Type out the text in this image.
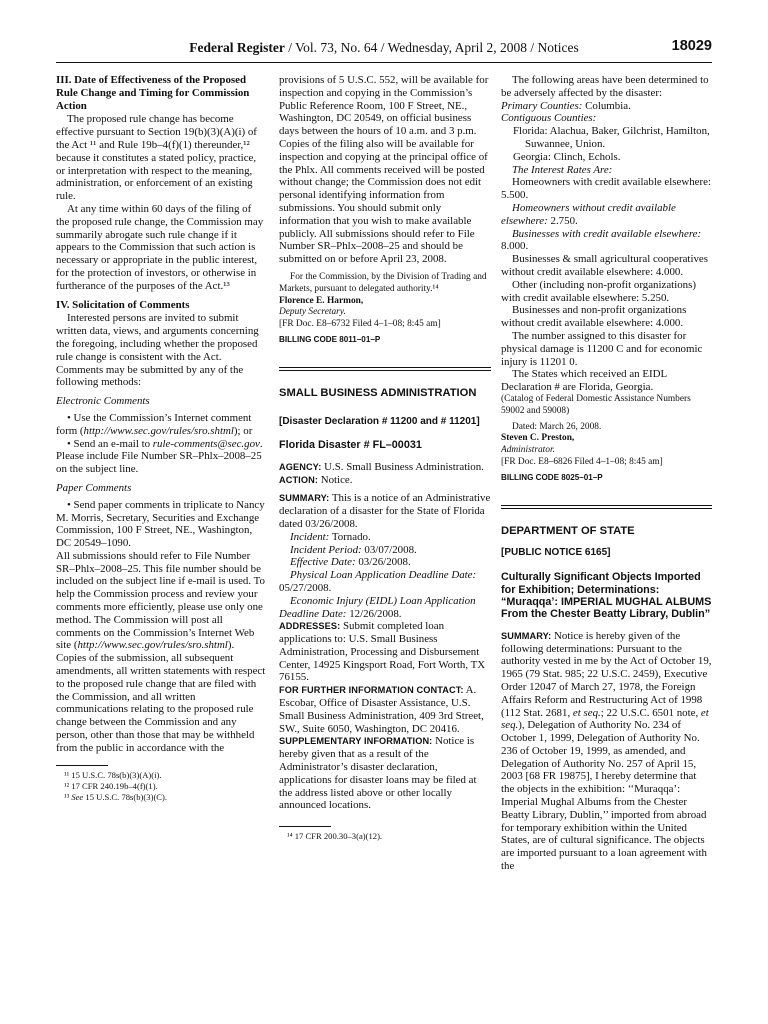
Federal Register / Vol. 73, No. 64 / Wednesday, April 2, 2008 / Notices	18029

III. Date of Effectiveness of the Proposed Rule Change and Timing for Commission Action

The proposed rule change has become effective pursuant to Section 19(b)(3)(A)(i) of the Act ¹¹ and Rule 19b–4(f)(1) thereunder,¹² because it constitutes a stated policy, practice, or interpretation with respect to the meaning, administration, or enforcement of an existing rule.

At any time within 60 days of the filing of the proposed rule change, the Commission may summarily abrogate such rule change if it appears to the Commission that such action is necessary or appropriate in the public interest, for the protection of investors, or otherwise in furtherance of the purposes of the Act.¹³

IV. Solicitation of Comments

Interested persons are invited to submit written data, views, and arguments concerning the foregoing, including whether the proposed rule change is consistent with the Act. Comments may be submitted by any of the following methods:

Electronic Comments

• Use the Commission’s Internet comment form (http://www.sec.gov/rules/sro.shtml); or

• Send an e-mail to rule-comments@sec.gov. Please include File Number SR–Phlx–2008–25 on the subject line.

Paper Comments

• Send paper comments in triplicate to Nancy M. Morris, Secretary, Securities and Exchange Commission, 100 F Street, NE., Washington, DC 20549–1090.

All submissions should refer to File Number SR–Phlx–2008–25. This file number should be included on the subject line if e-mail is used. To help the Commission process and review your comments more efficiently, please use only one method. The Commission will post all comments on the Commission’s Internet Web site (http://www.sec.gov/rules/sro.shtml). Copies of the submission, all subsequent amendments, all written statements with respect to the proposed rule change that are filed with the Commission, and all written communications relating to the proposed rule change between the Commission and any person, other than those that may be withheld from the public in accordance with the

¹¹ 15 U.S.C. 78s(b)(3)(A)(i).

¹² 17 CFR 240.19b–4(f)(1).

¹³ See 15 U.S.C. 78s(b)(3)(C).

provisions of 5 U.S.C. 552, will be available for inspection and copying in the Commission’s Public Reference Room, 100 F Street, NE., Washington, DC 20549, on official business days between the hours of 10 a.m. and 3 p.m. Copies of the filing also will be available for inspection and copying at the principal office of the Phlx. All comments received will be posted without change; the Commission does not edit personal identifying information from submissions. You should submit only information that you wish to make available publicly. All submissions should refer to File Number SR–Phlx–2008–25 and should be submitted on or before April 23, 2008.

For the Commission, by the Division of Trading and Markets, pursuant to delegated authority.¹⁴

Florence E. Harmon,

Deputy Secretary.

[FR Doc. E8–6732 Filed 4–1–08; 8:45 am]

BILLING CODE 8011–01–P

SMALL BUSINESS ADMINISTRATION

[Disaster Declaration # 11200 and # 11201]

Florida Disaster # FL–00031

AGENCY: U.S. Small Business Administration.

ACTION: Notice.

SUMMARY: This is a notice of an Administrative declaration of a disaster for the State of Florida dated 03/26/2008.

Incident: Tornado.

Incident Period: 03/07/2008.

Effective Date: 03/26/2008.

Physical Loan Application Deadline Date: 05/27/2008.

Economic Injury (EIDL) Loan Application Deadline Date: 12/26/2008.

ADDRESSES: Submit completed loan applications to: U.S. Small Business Administration, Processing and Disbursement Center, 14925 Kingsport Road, Fort Worth, TX 76155.

FOR FURTHER INFORMATION CONTACT: A. Escobar, Office of Disaster Assistance, U.S. Small Business Administration, 409 3rd Street, SW., Suite 6050, Washington, DC 20416.

SUPPLEMENTARY INFORMATION: Notice is hereby given that as a result of the Administrator’s disaster declaration, applications for disaster loans may be filed at the address listed above or other locally announced locations.

¹⁴ 17 CFR 200.30–3(a)(12).

The following areas have been determined to be adversely affected by the disaster:

Primary Counties: Columbia.

Contiguous Counties:

Florida: Alachua, Baker, Gilchrist, Hamilton, Suwannee, Union.

Georgia: Clinch, Echols.

The Interest Rates Are:

Homeowners with credit available elsewhere: 5.500.

Homeowners without credit available elsewhere: 2.750.

Businesses with credit available elsewhere: 8.000.

Businesses & small agricultural cooperatives without credit available elsewhere: 4.000.

Other (including non-profit organizations) with credit available elsewhere: 5.250.

Businesses and non-profit organizations without credit available elsewhere: 4.000.

The number assigned to this disaster for physical damage is 11200 C and for economic injury is 11201 0.

The States which received an EIDL Declaration # are Florida, Georgia.

(Catalog of Federal Domestic Assistance Numbers 59002 and 59008)

Dated: March 26, 2008.

Steven C. Preston,

Administrator.

[FR Doc. E8–6826 Filed 4–1–08; 8:45 am]

BILLING CODE 8025–01–P

DEPARTMENT OF STATE

[PUBLIC NOTICE 6165]

Culturally Significant Objects Imported for Exhibition; Determinations: “Muraqqa’: IMPERIAL MUGHAL ALBUMS From the Chester Beatty Library, Dublin”

SUMMARY: Notice is hereby given of the following determinations: Pursuant to the authority vested in me by the Act of October 19, 1965 (79 Stat. 985; 22 U.S.C. 2459), Executive Order 12047 of March 27, 1978, the Foreign Affairs Reform and Restructuring Act of 1998 (112 Stat. 2681, et seq.; 22 U.S.C. 6501 note, et seq.), Delegation of Authority No. 234 of October 1, 1999, Delegation of Authority No. 236 of October 19, 1999, as amended, and Delegation of Authority No. 257 of April 15, 2003 [68 FR 19875], I hereby determine that the objects in the exhibition: ‘‘Muraqqa’: Imperial Mughal Albums from the Chester Beatty Library, Dublin,’’ imported from abroad for temporary exhibition within the United States, are of cultural significance. The objects are imported pursuant to a loan agreement with the
